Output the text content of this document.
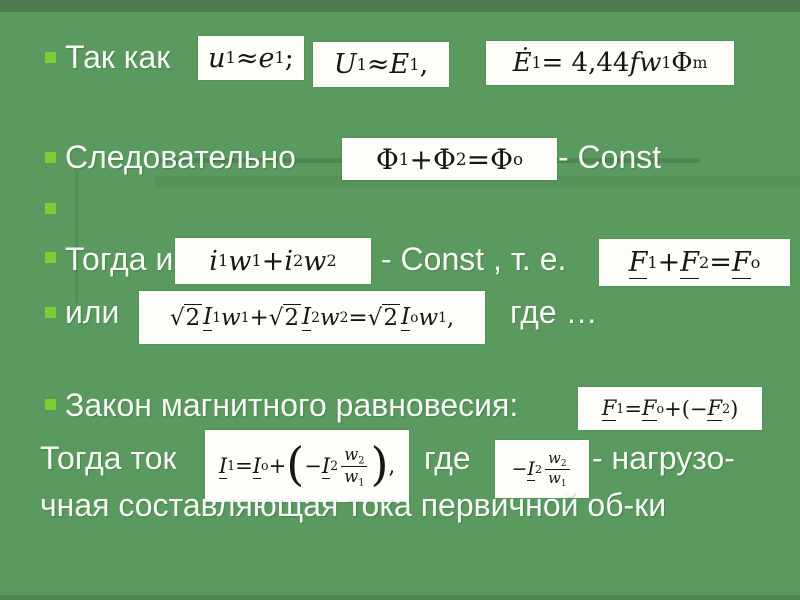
Так как u 1 ≈ e 1 ; U 1 ≈ E 1 ,	Ė 1 = 4,44 fw 1 Φ m
Следовательно	Φ 1 + Φ 2 = Φ o - Const
Тогда и i 1 w 1 + i 2 w 2 - Const , т. е. F 1 + F 2 = F o
или √2 I 1 w 1 + √2 I 2 w 2 = √2 I o w 1 , где …
Закон магнитного равновесия:	F 1 = F o +(− F 2 )
Тогда ток I 1 = I o + ( − I $2 \frac{w_2}{w_1}$ ) , где − I $2 \frac{w_2}{w_1}$ - нагрузо-
чная составляющая тока первичной об-ки
